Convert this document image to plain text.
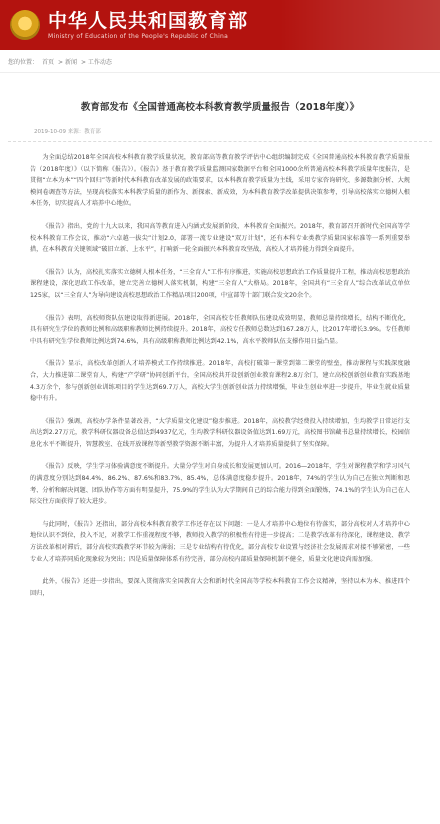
中华人民共和国教育部
Ministry of Education of the People's Republic of China
您的位置： 首页 > 新闻 > 工作动态
教育部发布《全国普通高校本科教育教学质量报告（2018年度）》
2019-10-09 来源：教育部

为全面总结2018年全国高校本科教育教学质量状况，教育部高等教育教学评估中心组织编制完成《全国普通高校本科教育教学质量报告（2018年度）》（以下简称《报告》）。《报告》基于教育教学质量监测国家数据平台和全国1000余所普通高校本科教学质量年度报告，是贯彻“立本为本”“四个回归”等新时代本科教育改革发展的政策要求，以本科教育教学质量为主线，采用专家咨询研究、多源数据分析、大规模问卷调查等方法，呈现高校落实本科教学质量的新作为、新探索、新成效，为本科教育教学改革提供决策参考，引导高校落实立德树人根本任务，切实提高人才培养中心地位。

《报告》指出，党的十九大以来，我国高等教育进入内涵式发展新阶段，本科教育全面振兴。2018年，教育部召开新时代全国高等学校本科教育工作会议，推动“六卓越一拔尖”计划2.0，部署一流专业建设“双万计划”，还有本科专业类教学质量国家标准等一系列重要举措，在本科教育关键领域“破旧立新、上水平”，打响新一轮全面振兴本科教育攻坚战，高校人才培养能力得到全面提升。

《报告》认为，高校扎实落实立德树人根本任务，“三全育人”工作有序推进，实施高校思想政治工作质量提升工程，推动高校思想政治课程建设，深化思政工作改革，建立完善立德树人落实机制，构建“三全育人”大格局。2018年，全国共有“三全育人”综合改革试点单位125家，以“三全育人”为导向建设高校思想政治工作精品项目200项，中宣部等十部门联合发文20余个。

《报告》表明，高校师资队伍建设取得新进展。2018年，全国高校专任教师队伍建设成效明显，教师总量持续增长，结构不断优化，具有研究生学位的教师比例和高级职称教师比例持续提升。2018年，高校专任教师总数达到167.28万人，比2017年增长3.9%。专任教师中具有研究生学位教师比例达到74.6%，具有高级职称教师比例达到42.1%，高水平教师队伍支撑作用日益凸显。

《报告》显示，高校改革创新人才培养模式工作持续推进。2018年，高校打破第一课堂到第二课堂的壁垒，推动课程与实践深度融合，大力推进第二课堂育人，构建“产学研”协同创新平台，全国高校共开设创新创业教育课程2.8万余门，建立高校创新创业教育实践基地4.3万余个，参与创新创业训练项目的学生达到69.7万人，高校大学生创新创业活力持续增强，毕业生创业率进一步提升，毕业生就业质量稳中有升。

《报告》强调，高校办学条件显著改善，“大学质量文化建设”稳步推进。2018年，高校教学经费投入持续增加，生均教学日常运行支出达到2.27万元，教学科研仪器设备总值达到4937亿元，生均教学科研仪器设备值达到1.69万元，高校图书馆藏书总量持续增长，校园信息化水平不断提升，智慧教室、在线开放课程等新型教学资源不断丰富，为提升人才培养质量提供了坚实保障。

《报告》反映，学生学习体验满意度不断提升。大量分学生对自身成长和发展更加认可。2016—2018年，学生对课程教学和学习风气的满意度分别达到84.4%、86.2%、87.6%和83.7%、85.4%，总体满意度稳步提升。2018年，74%的学生认为自己在独立判断和思考、分析和解决问题、团队协作等方面有明显提升，75.9%的学生认为大学期间自己的综合能力得到全面锻炼，74.1%的学生认为自己在人际交往方面获得了较大进步。

与此同时，《报告》还指出，部分高校本科教育教学工作还存在以下问题：一是人才培养中心地位有待落实，部分高校对人才培养中心地位认识不到位，投入不足，对教学工作重视程度不够，教师投入教学的积极性有待进一步提高；二是教学改革有待深化，课程建设、教学方法改革相对滞后，部分高校实践教学环节较为薄弱；三是专业结构有待优化，部分高校专业设置与经济社会发展需求对接不够紧密，一些专业人才培养同质化现象较为突出；四是质量保障体系有待完善，部分高校内部质量保障机制不健全，质量文化建设尚需加强。

此外，《报告》还进一步指出，要深入贯彻落实全国教育大会和新时代全国高等学校本科教育工作会议精神，坚持以本为本、推进四个回归，
